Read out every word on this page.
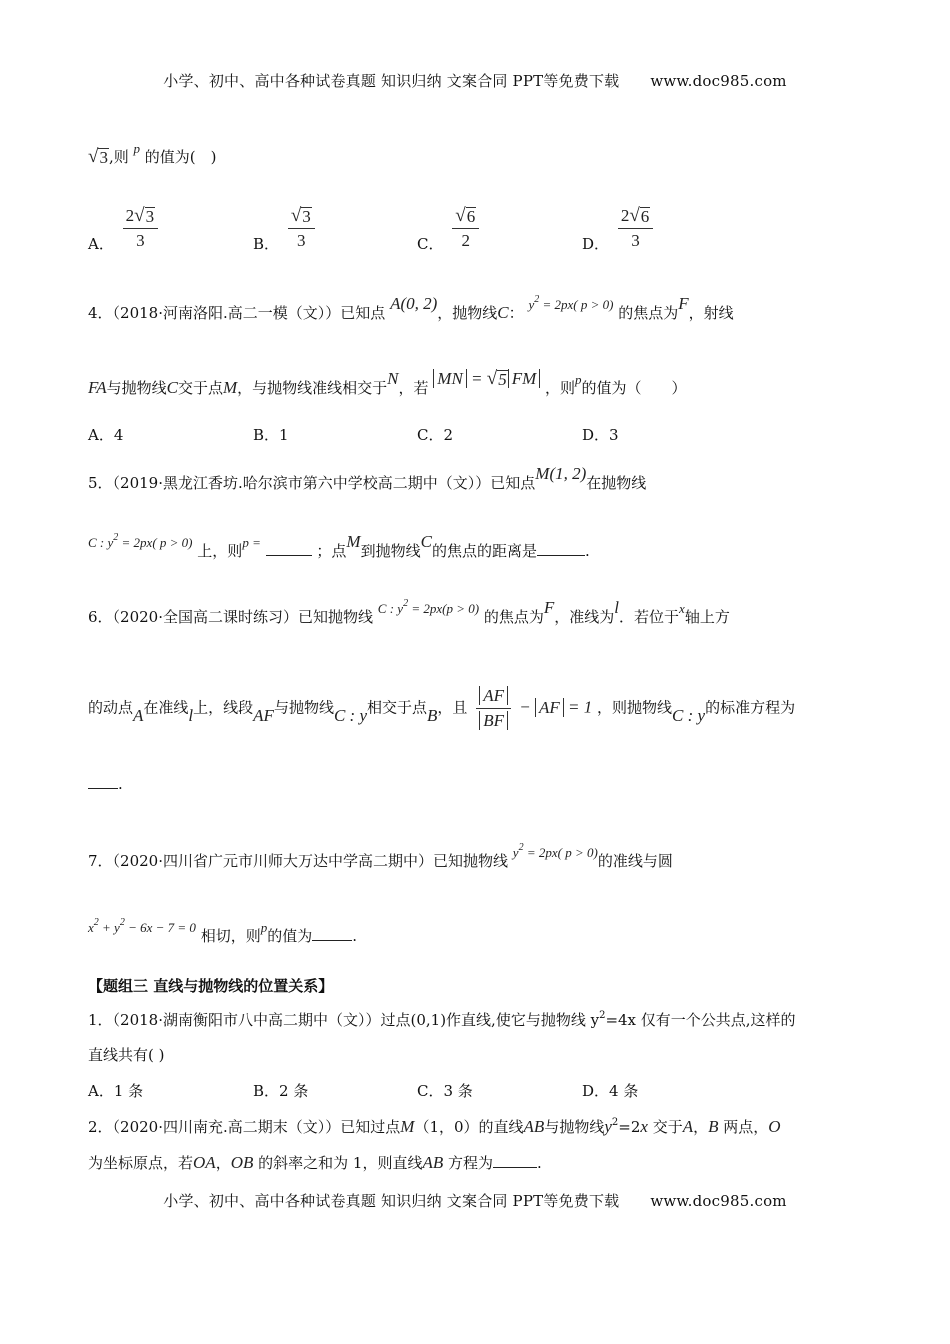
小学、初中、高中各种试卷真题 知识归纳 文案合同 PPT等免费下载 www.doc985.com
√ 3 ,则 p 的值为(　)
A． $\frac{2 √ 3}{3}$	B． $\frac{√ 3}{3}$	C． $\frac{√ 6}{2}$	D． $\frac{2 √ 6}{3}$
4．（2018·河南洛阳.高二一模（文））已知点 A(0, 2)，抛物线C： $y^2 = 2px$( p > 0) 的焦点为F，射线
FA与抛物线C交于点M，与抛物线准线相交于N，若 MN = √ 5 FM ，则p的值为（　　）
A．4	B．1	C．2	D．3
5．（2019·黑龙江香坊.哈尔滨市第六中学校高二期中（文））已知点M(1, 2)在抛物线
C : $y^2 = 2px$( p > 0) 上，则p =	；点M到抛物线C的焦点的距离是	.
6．（2020·全国高二课时练习）已知抛物线 C : $y^2 = 2px(p > 0)$ 的焦点为F，准线为l．若位于x轴上方
的动点A在准线l上，线段AF与抛物线C : y相交于点B，且 $\frac{AF}{BF}$ − AF = 1 ，则抛物线C : y的标准方程为
.
7．（2020·四川省广元市川师大万达中学高二期中）已知抛物线 $y^2 = 2px$( p > 0)的准线与圆
$x^2 + y^2 - 6x - 7 = 0$ 相切，则p的值为	.
【题组三 直线与抛物线的位置关系】
1．（2018·湖南衡阳市八中高二期中（文））过点(0,1)作直线,使它与抛物线 $y^2=4x$ 仅有一个公共点,这样的
直线共有( )
A．1 条	B．2 条	C．3 条	D．4 条
2．（2020·四川南充.高二期末（文））已知过点M（1，0）的直线AB与抛物线$y^2=2x$ 交于A，B 两点，O
为坐标原点，若OA，OB 的斜率之和为 1，则直线AB 方程为	.
小学、初中、高中各种试卷真题 知识归纳 文案合同 PPT等免费下载 www.doc985.com
